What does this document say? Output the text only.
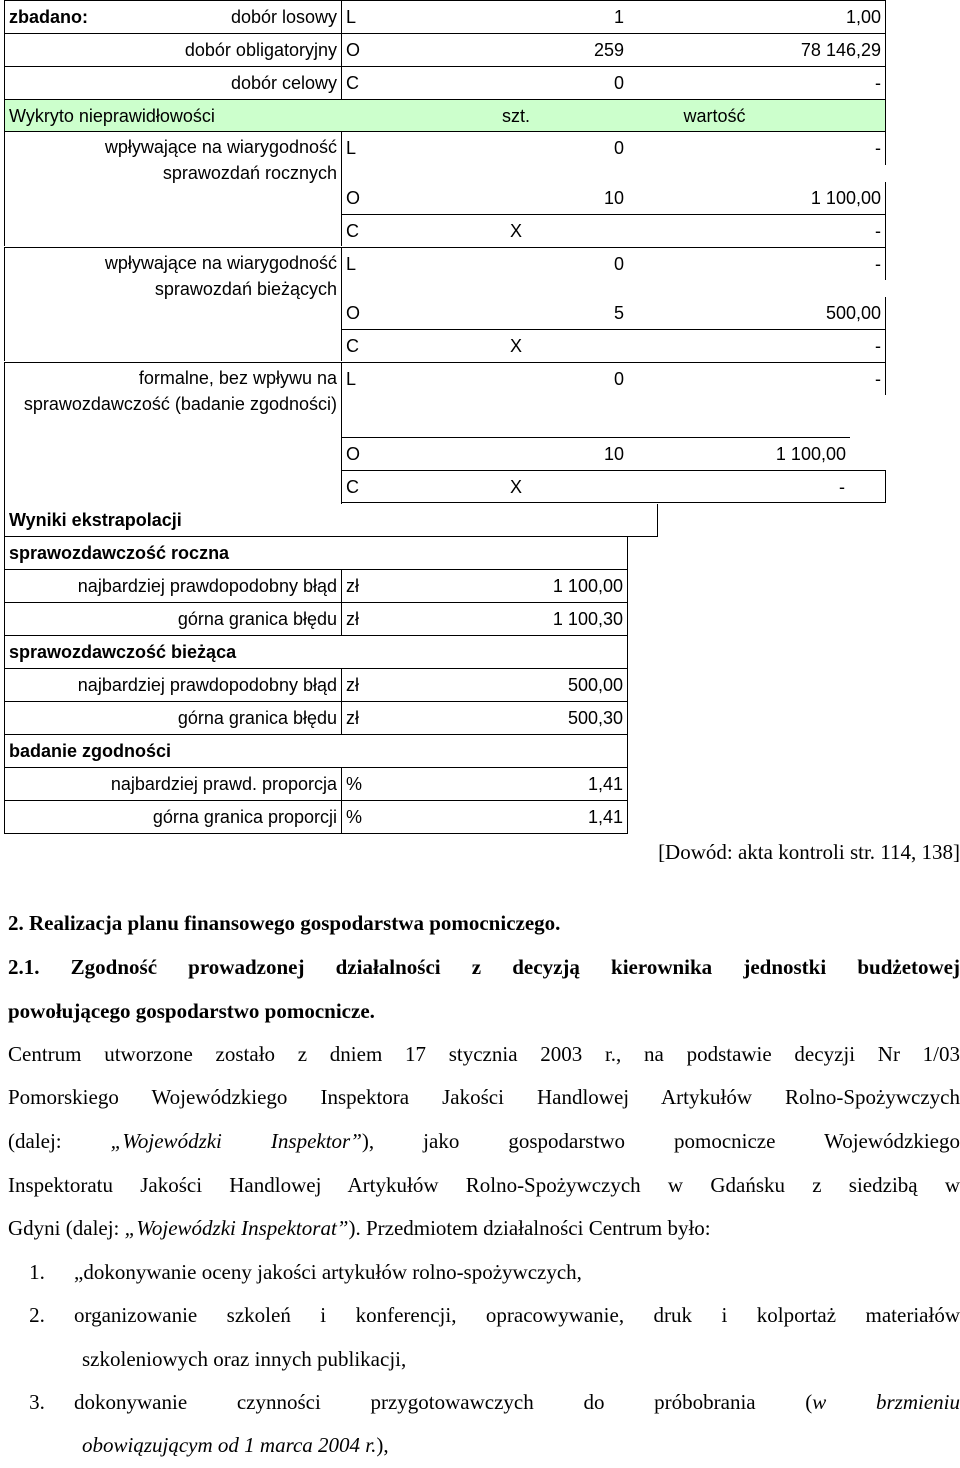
zbadano:	dobór losowy L	1	1,00
dobór obligatoryjny O	259	78 146,29
dobór celowy C	0	-
Wykryto nieprawidłowości	szt.	wartość
wpływające na wiarygodność sprawozdań rocznych
L	0	-
O	10	1 100,00
C	X	-
wpływające na wiarygodność sprawozdań bieżących
L	0	-
O	5	500,00
C	X	-
formalne, bez wpływu na sprawozdawczość (badanie zgodności)
L	0	-
O	10	1 100,00
C	X	-
Wyniki ekstrapolacji
sprawozdawczość roczna
najbardziej prawdopodobny błąd zł	1 100,00
górna granica błędu zł	1 100,30
sprawozdawczość bieżąca
najbardziej prawdopodobny błąd zł	500,00
górna granica błędu zł	500,30
badanie zgodności
najbardziej prawd. proporcja %	1,41
górna granica proporcji %	1,41
[Dowód: akta kontroli str. 114, 138]
2. Realizacja planu finansowego gospodarstwa pomocniczego.
2.1. Zgodność prowadzonej działalności z decyzją kierownika jednostki budżetowej
powołującego gospodarstwo pomocnicze.
Centrum utworzone zostało z dniem 17 stycznia 2003 r., na podstawie decyzji Nr 1/03
Pomorskiego Wojewódzkiego Inspektora Jakości Handlowej Artykułów Rolno-Spożywczych
(dalej: „Wojewódzki Inspektor”), jako gospodarstwo pomocnicze Wojewódzkiego
Inspektoratu Jakości Handlowej Artykułów Rolno-Spożywczych w Gdańsku z siedzibą w
Gdyni (dalej: „Wojewódzki Inspektorat”). Przedmiotem działalności Centrum było:
1. „dokonywanie oceny jakości artykułów rolno-spożywczych,
2.	organizowanie szkoleń i konferencji, opracowywanie, druk i kolportaż materiałów
szkoleniowych oraz innych publikacji,
3.	dokonywanie czynności przygotowawczych do próbobrania (w brzmieniu
obowiązującym od 1 marca 2004 r.),
